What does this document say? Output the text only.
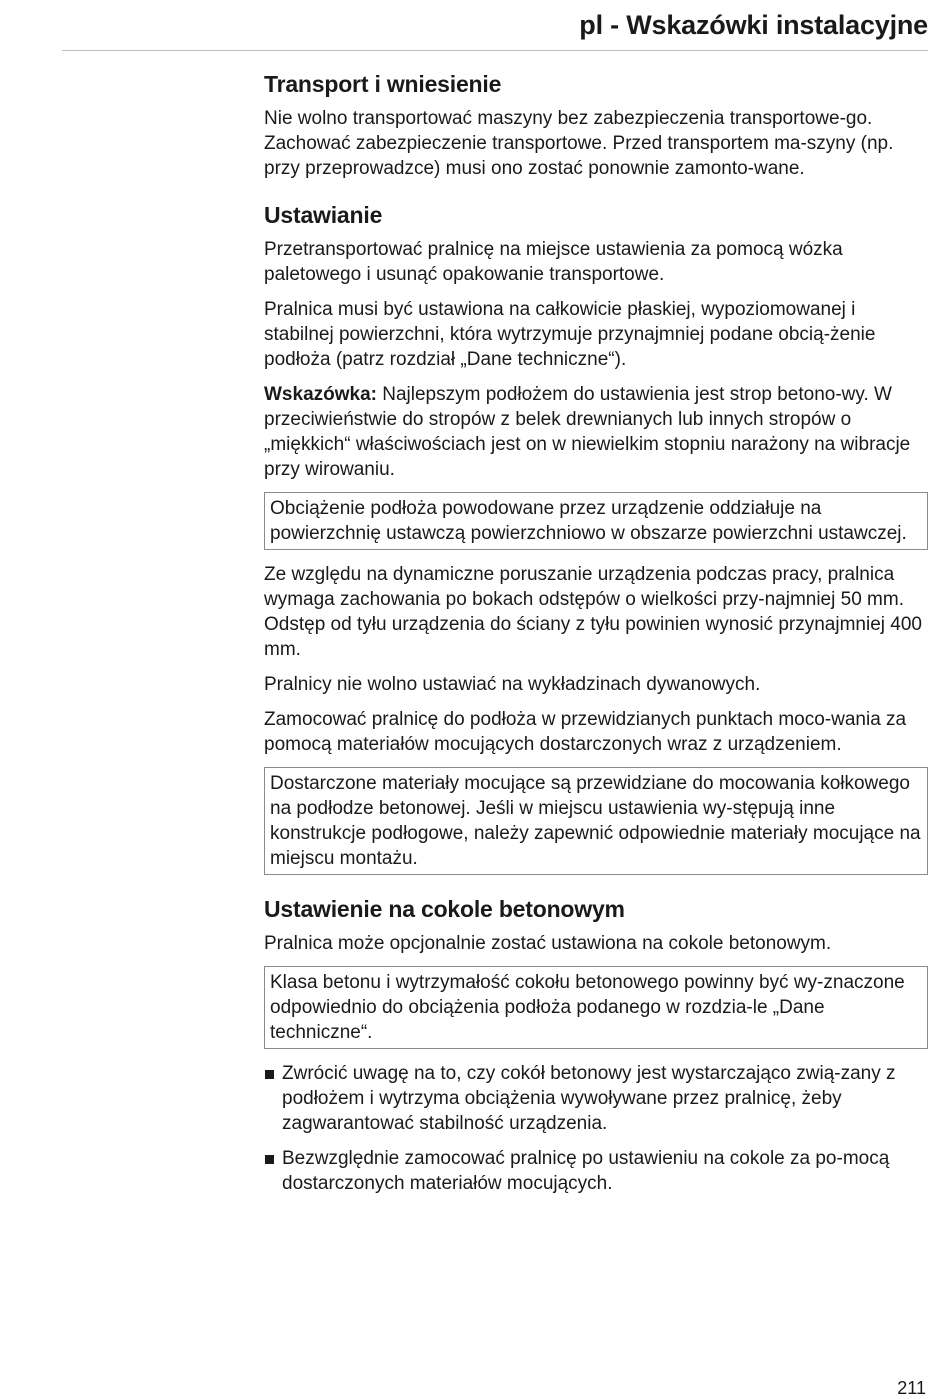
pl - Wskazówki instalacyjne
Transport i wniesienie

Nie wolno transportować maszyny bez zabezpieczenia transportowe-go. Zachować zabezpieczenie transportowe. Przed transportem ma-szyny (np. przy przeprowadzce) musi ono zostać ponownie zamonto-wane.

Ustawianie

Przetransportować pralnicę na miejsce ustawienia za pomocą wózka paletowego i usunąć opakowanie transportowe.

Pralnica musi być ustawiona na całkowicie płaskiej, wypoziomowanej i stabilnej powierzchni, która wytrzymuje przynajmniej podane obcią-żenie podłoża (patrz rozdział „Dane techniczne“).

Wskazówka: Najlepszym podłożem do ustawienia jest strop betono-wy. W przeciwieństwie do stropów z belek drewnianych lub innych stropów o „miękkich“ właściwościach jest on w niewielkim stopniu narażony na wibracje przy wirowaniu.

Obciążenie podłoża powodowane przez urządzenie oddziałuje na powierzchnię ustawczą powierzchniowo w obszarze powierzchni ustawczej.

Ze względu na dynamiczne poruszanie urządzenia podczas pracy, pralnica wymaga zachowania po bokach odstępów o wielkości przy-najmniej 50 mm. Odstęp od tyłu urządzenia do ściany z tyłu powinien wynosić przynajmniej 400 mm.

Pralnicy nie wolno ustawiać na wykładzinach dywanowych.

Zamocować pralnicę do podłoża w przewidzianych punktach moco-wania za pomocą materiałów mocujących dostarczonych wraz z urządzeniem.

Dostarczone materiały mocujące są przewidziane do mocowania kołkowego na podłodze betonowej. Jeśli w miejscu ustawienia wy-stępują inne konstrukcje podłogowe, należy zapewnić odpowiednie materiały mocujące na miejscu montażu.
Ustawienie na cokole betonowym

Pralnica może opcjonalnie zostać ustawiona na cokole betonowym.

Klasa betonu i wytrzymałość cokołu betonowego powinny być wy-znaczone odpowiednio do obciążenia podłoża podanego w rozdzia-le „Dane techniczne“.
Zwrócić uwagę na to, czy cokół betonowy jest wystarczająco zwią-zany z podłożem i wytrzyma obciążenia wywoływane przez pralnicę, żeby zagwarantować stabilność urządzenia.
Bezwzględnie zamocować pralnicę po ustawieniu na cokole za po-mocą dostarczonych materiałów mocujących.
211
